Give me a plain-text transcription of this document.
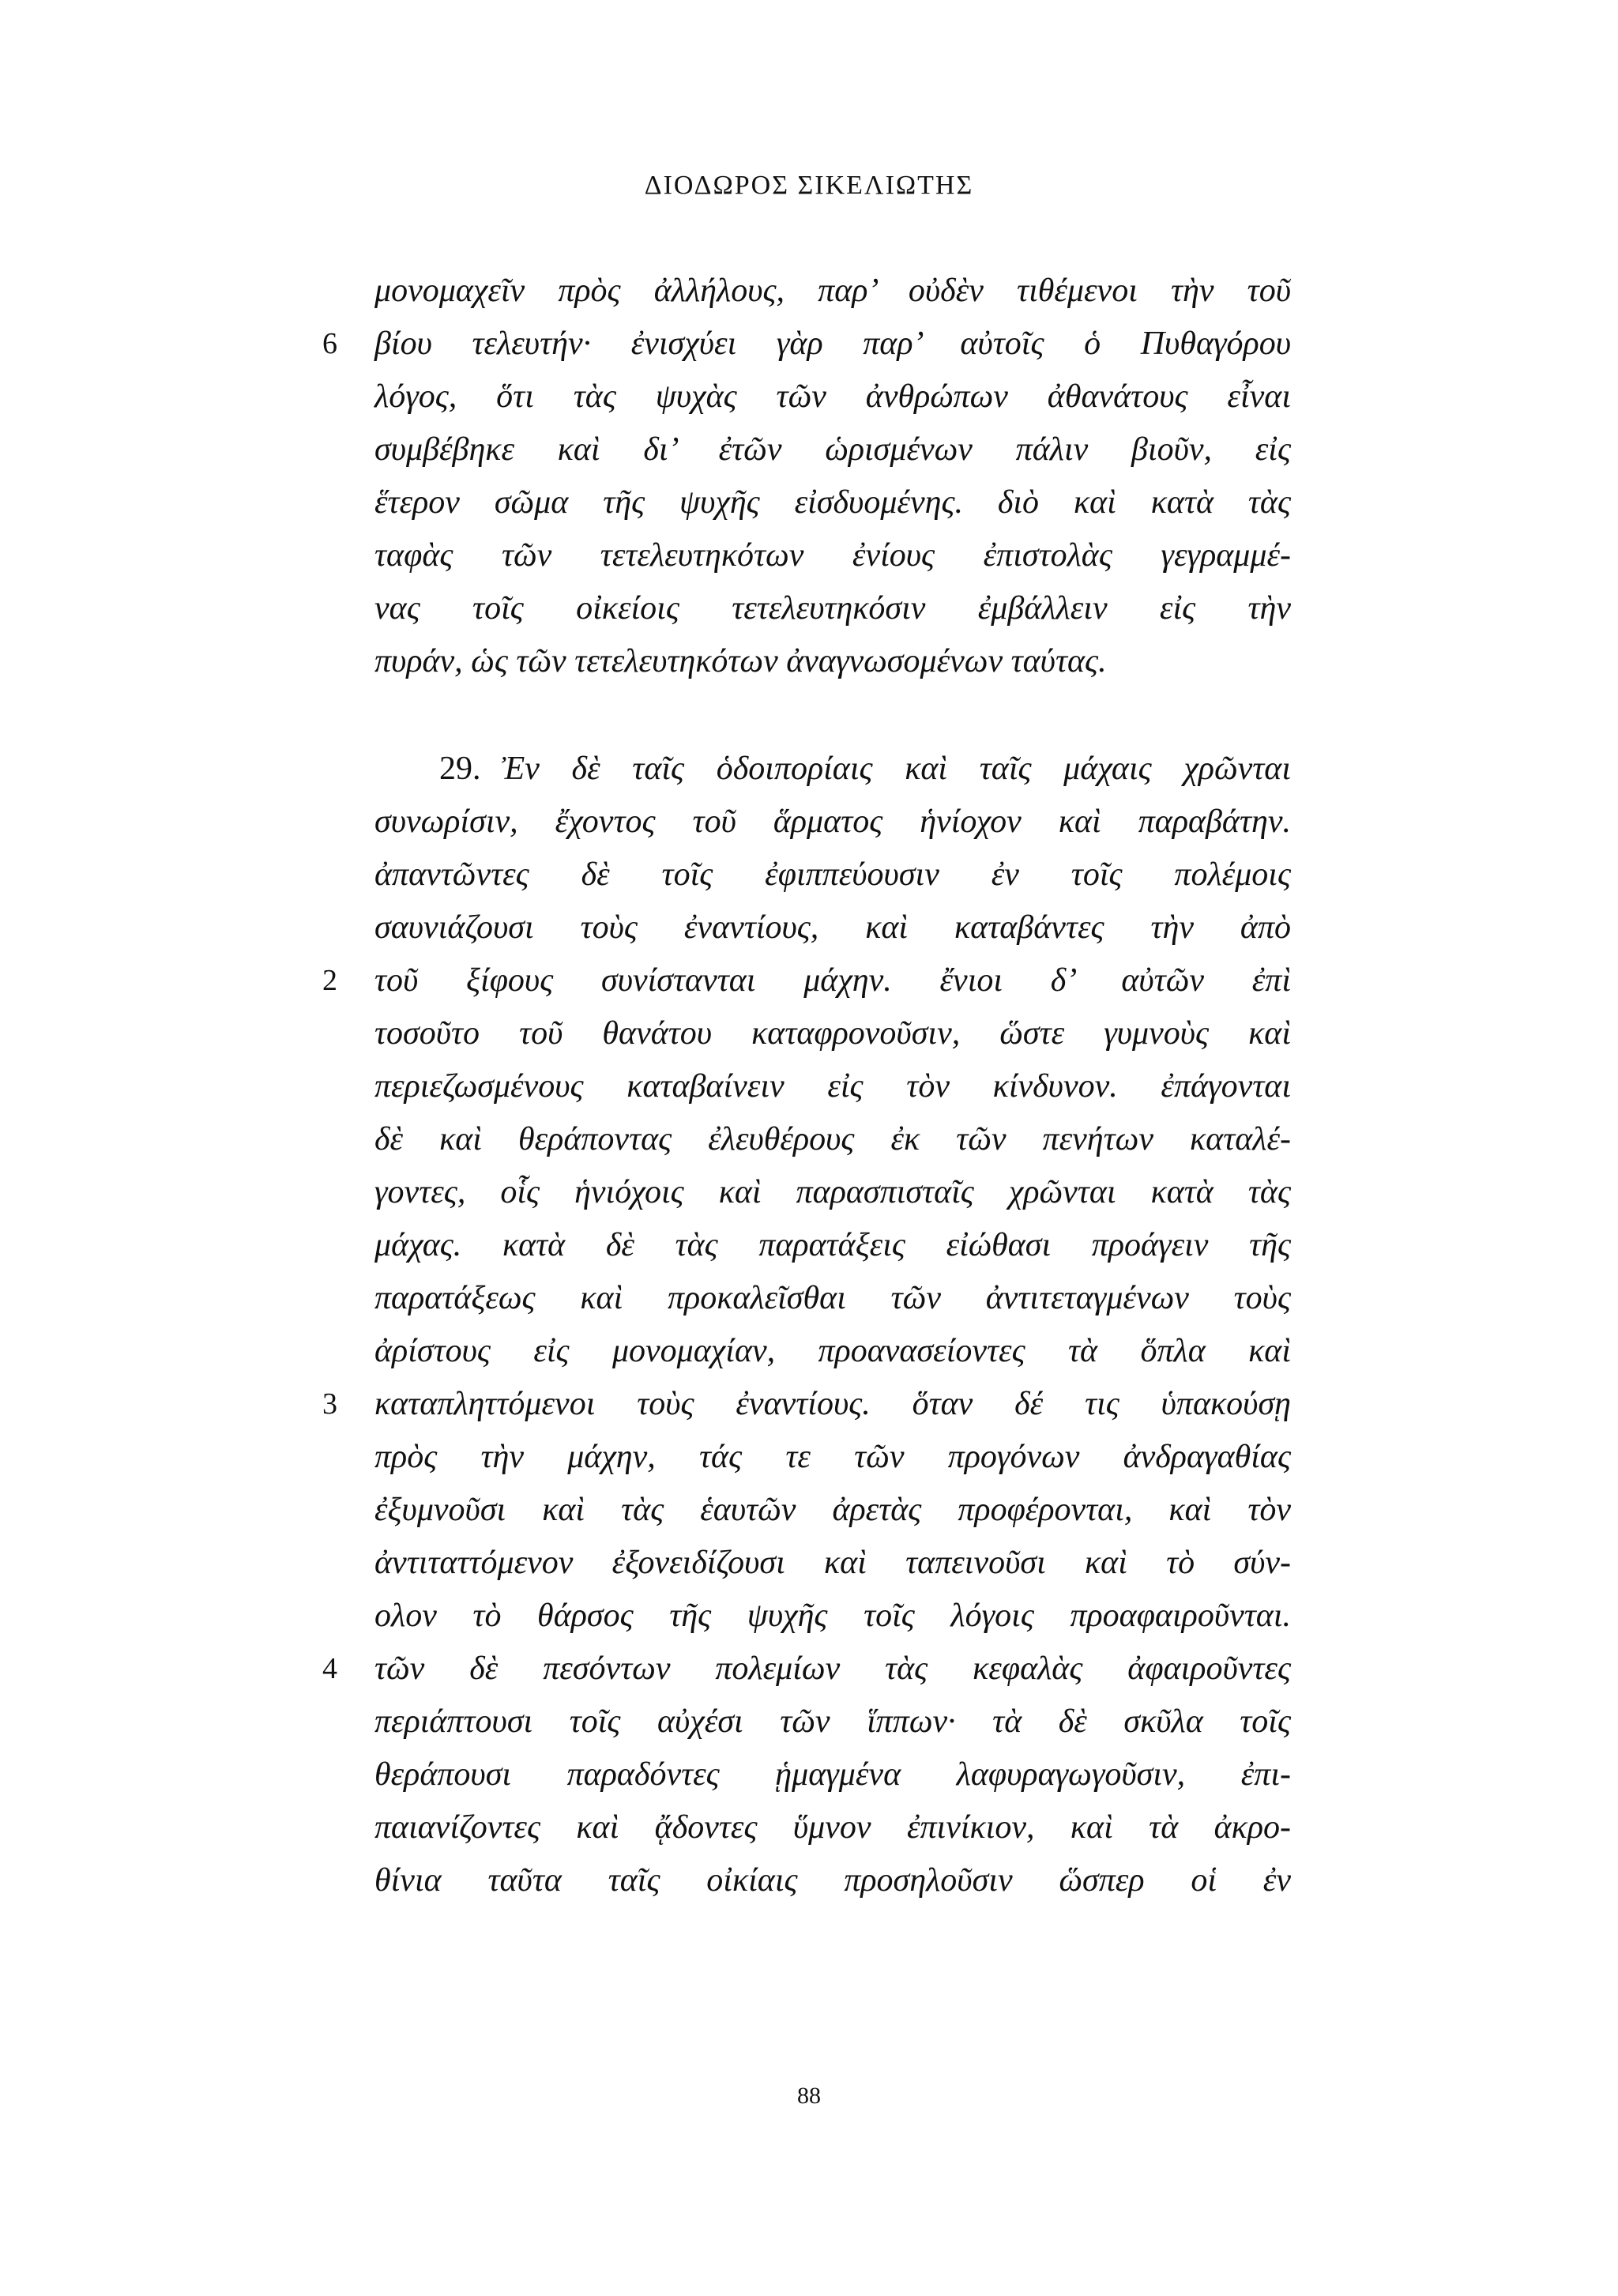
ΔΙΟΔΩΡΟΣ ΣΙΚΕΛΙΩΤΗΣ
μονομαχεῖν πρὸς ἀλλήλους, παρ’ οὐδὲν τιθέμενοι τὴν τοῦ
6 βίου τελευτήν· ἐνισχύει γὰρ παρ’ αὐτοῖς ὁ Πυθαγόρου
λόγος, ὅτι τὰς ψυχὰς τῶν ἀνθρώπων ἀθανάτους εἶναι
συμβέβηκε καὶ δι’ ἐτῶν ὡρισμένων πάλιν βιοῦν, εἰς
ἕτερον σῶμα τῆς ψυχῆς εἰσδυομένης. διὸ καὶ κατὰ τὰς
ταφὰς τῶν τετελευτηκότων ἐνίους ἐπιστολὰς γεγραμμέ-
νας τοῖς οἰκείοις τετελευτηκόσιν ἐμβάλλειν εἰς τὴν
πυράν, ὡς τῶν τετελευτηκότων ἀναγνωσομένων ταύτας.
29. Ἐν δὲ ταῖς ὁδοιπορίαις καὶ ταῖς μάχαις χρῶνται
συνωρίσιν, ἔχοντος τοῦ ἅρματος ἡνίοχον καὶ παραβάτην.
ἀπαντῶντες δὲ τοῖς ἐφιππεύουσιν ἐν τοῖς πολέμοις
σαυνιάζουσι τοὺς ἐναντίους, καὶ καταβάντες τὴν ἀπὸ
2 τοῦ ξίφους συνίστανται μάχην. ἔνιοι δ’ αὐτῶν ἐπὶ
τοσοῦτο τοῦ θανάτου καταφρονοῦσιν, ὥστε γυμνοὺς καὶ
περιεζωσμένους καταβαίνειν εἰς τὸν κίνδυνον. ἐπάγονται
δὲ καὶ θεράποντας ἐλευθέρους ἐκ τῶν πενήτων καταλέ-
γοντες, οἷς ἡνιόχοις καὶ παρασπισταῖς χρῶνται κατὰ τὰς
μάχας. κατὰ δὲ τὰς παρατάξεις εἰώθασι προάγειν τῆς
παρατάξεως καὶ προκαλεῖσθαι τῶν ἀντιτεταγμένων τοὺς
ἀρίστους εἰς μονομαχίαν, προανασείοντες τὰ ὅπλα καὶ
3 καταπληττόμενοι τοὺς ἐναντίους. ὅταν δέ τις ὑπακούσῃ
πρὸς τὴν μάχην, τάς τε τῶν προγόνων ἀνδραγαθίας
ἐξυμνοῦσι καὶ τὰς ἑαυτῶν ἀρετὰς προφέρονται, καὶ τὸν
ἀντιταττόμενον ἐξονειδίζουσι καὶ ταπεινοῦσι καὶ τὸ σύν-
ολον τὸ θάρσος τῆς ψυχῆς τοῖς λόγοις προαφαιροῦνται.
4 τῶν δὲ πεσόντων πολεμίων τὰς κεφαλὰς ἀφαιροῦντες
περιάπτουσι τοῖς αὐχέσι τῶν ἵππων· τὰ δὲ σκῦλα τοῖς
θεράπουσι παραδόντες ᾑμαγμένα λαφυραγωγοῦσιν, ἐπι-
παιανίζοντες καὶ ᾄδοντες ὕμνον ἐπινίκιον, καὶ τὰ ἀκρο-
θίνια ταῦτα ταῖς οἰκίαις προσηλοῦσιν ὥσπερ οἱ ἐν
88
